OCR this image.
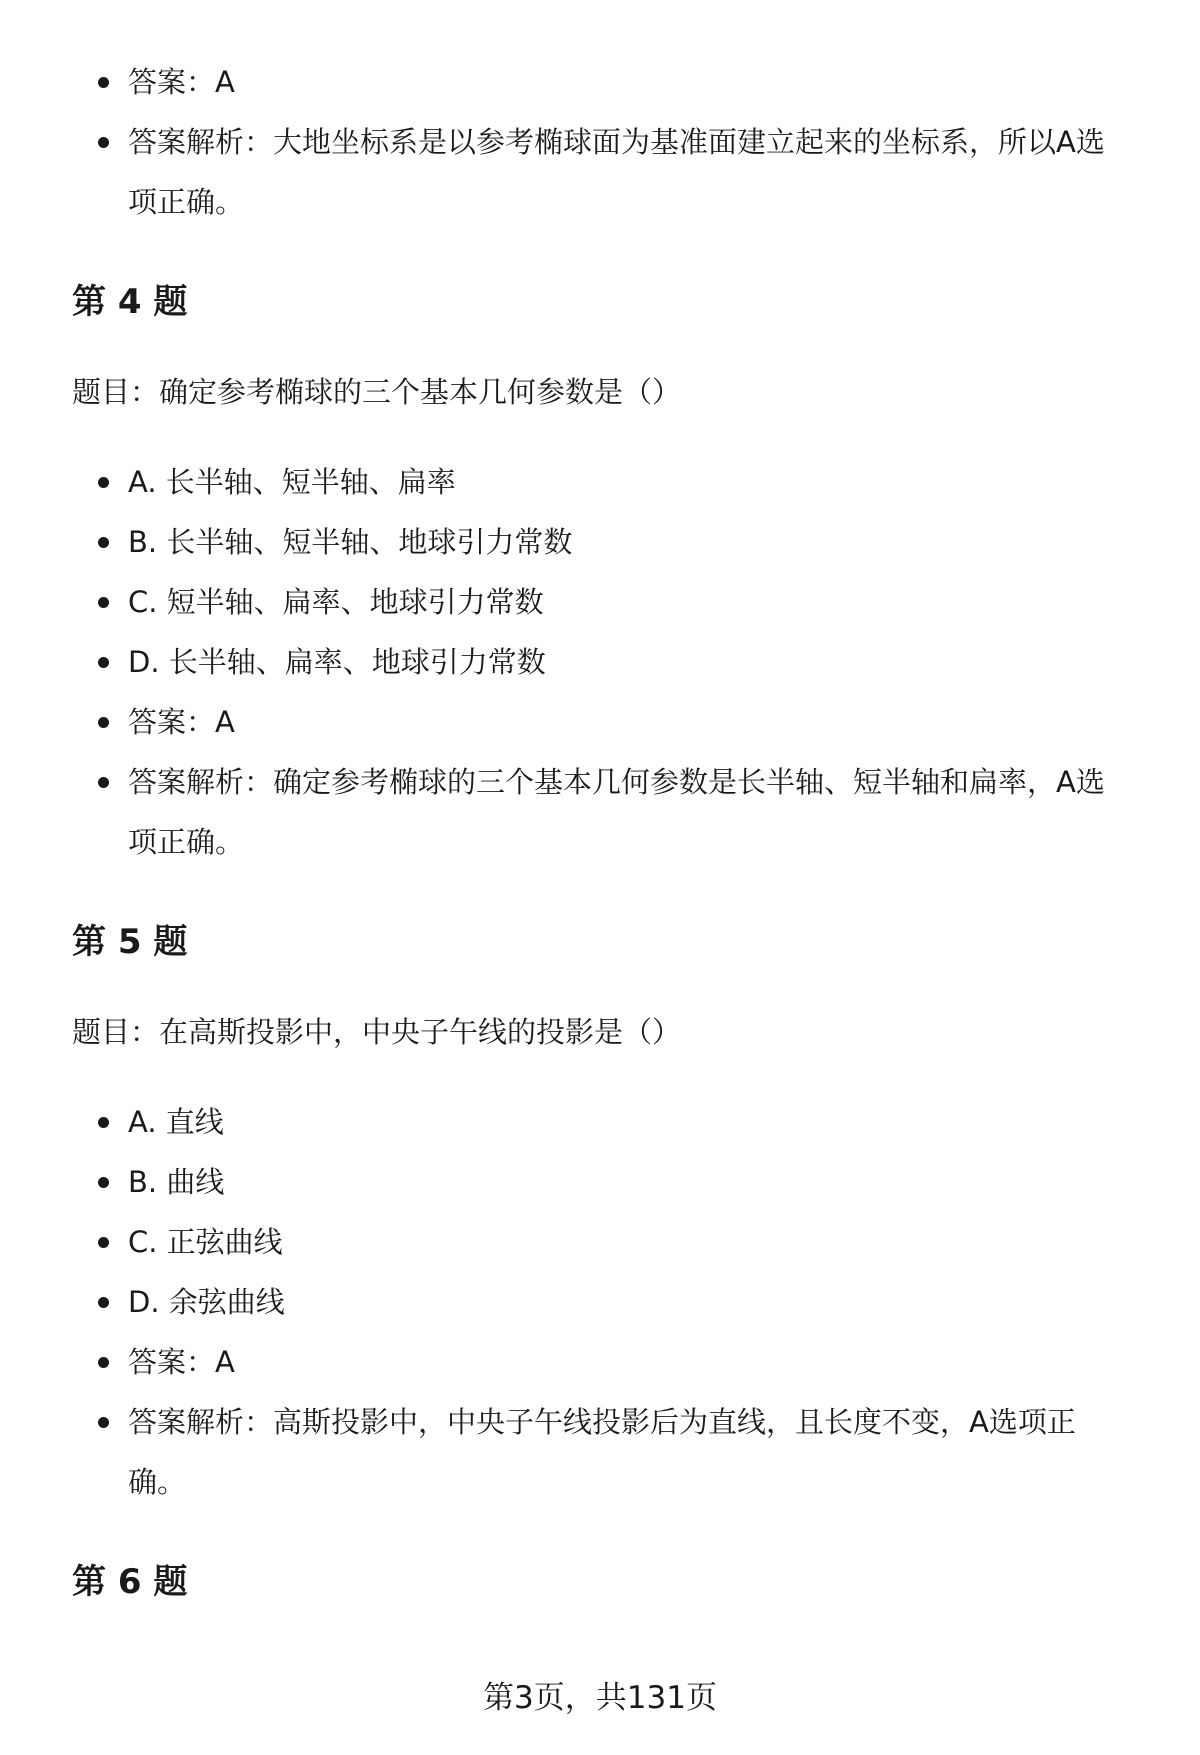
答案：A
答案解析：大地坐标系是以参考椭球面为基准面建立起来的坐标系，所以A选项正确。
第 4 题

题目：确定参考椭球的三个基本几何参数是（）

A. 长半轴、短半轴、扁率
B. 长半轴、短半轴、地球引力常数
C. 短半轴、扁率、地球引力常数
D. 长半轴、扁率、地球引力常数
答案：A
答案解析：确定参考椭球的三个基本几何参数是长半轴、短半轴和扁率，A选项正确。
第 5 题

题目：在高斯投影中，中央子午线的投影是（）

A. 直线
B. 曲线
C. 正弦曲线
D. 余弦曲线
答案：A
答案解析：高斯投影中，中央子午线投影后为直线，且长度不变，A选项正确。
第 6 题
第3页，共131页
